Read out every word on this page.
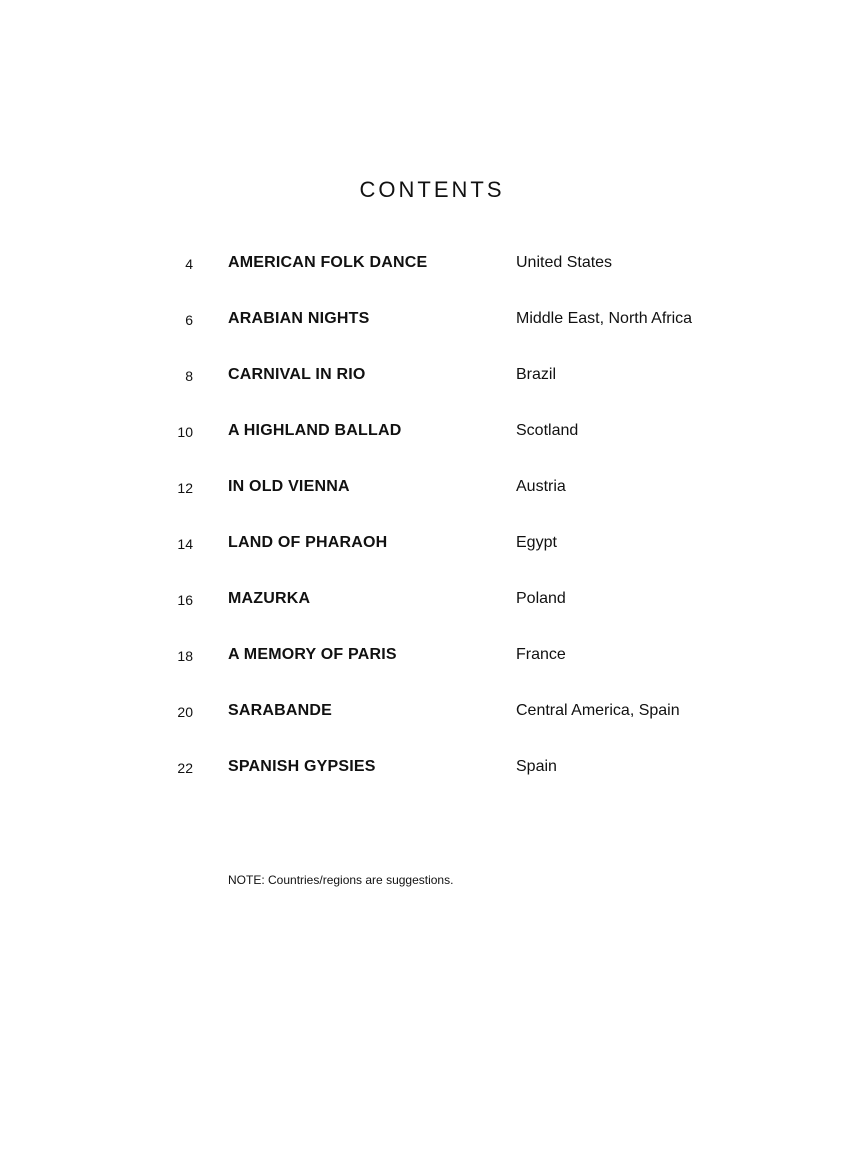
CONTENTS
4 AMERICAN FOLK DANCE	United States
6 ARABIAN NIGHTS	Middle East, North Africa
8 CARNIVAL IN RIO	Brazil
10 A HIGHLAND BALLAD	Scotland
12 IN OLD VIENNA	Austria
14 LAND OF PHARAOH	Egypt
16 MAZURKA	Poland
18 A MEMORY OF PARIS	France
20 SARABANDE	Central America, Spain
22 SPANISH GYPSIES	Spain
NOTE: Countries/regions are suggestions.
